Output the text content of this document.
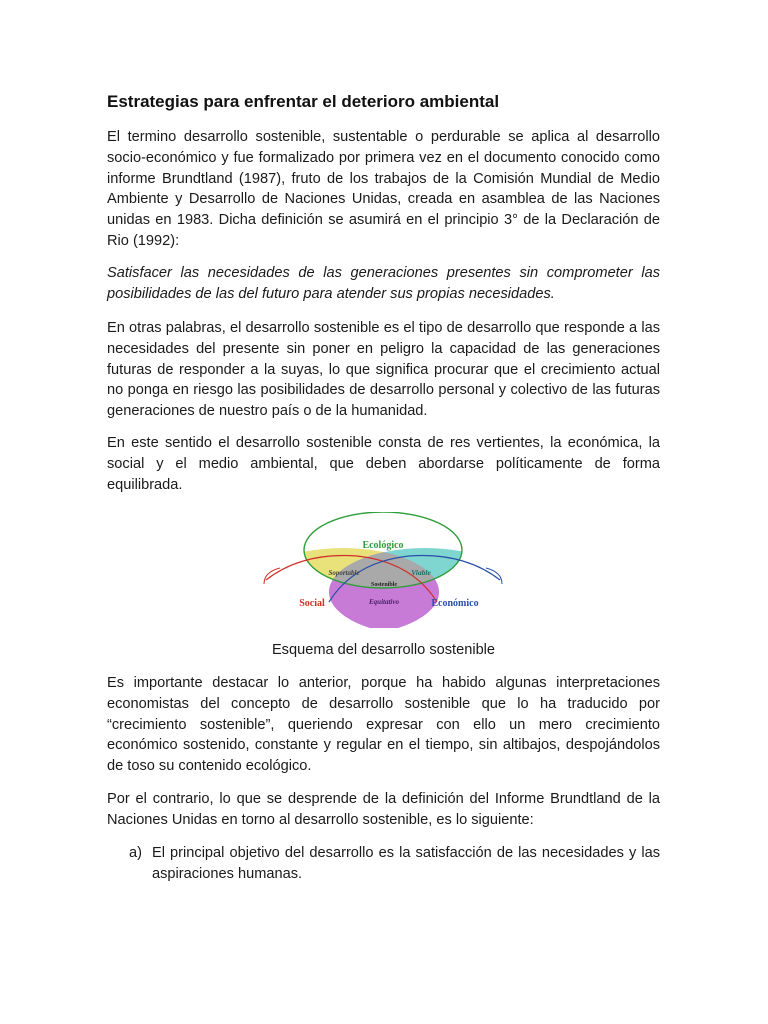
Estrategias para enfrentar el deterioro ambiental

El termino desarrollo sostenible, sustentable o perdurable se aplica al desarrollo socio-económico y fue formalizado por primera vez en el documento conocido como informe Brundtland (1987), fruto de los trabajos de la Comisión Mundial de Medio Ambiente y Desarrollo de Naciones Unidas, creada en asamblea de las Naciones unidas en 1983. Dicha definición se asumirá en el principio 3° de la Declaración de Rio (1992):

Satisfacer las necesidades de las generaciones presentes sin comprometer las posibilidades de las del futuro para atender sus propias necesidades.

En otras palabras, el desarrollo sostenible es el tipo de desarrollo que responde a las necesidades del presente sin poner en peligro la capacidad de las generaciones futuras de responder a la suyas, lo que significa procurar que el crecimiento actual no ponga en riesgo las posibilidades de desarrollo personal y colectivo de las futuras generaciones de nuestro país o de la humanidad.

En este sentido el desarrollo sostenible consta de res vertientes, la económica, la social y el medio ambiental, que deben abordarse políticamente de forma equilibrada.

Ecológico
Social	Económico
Soportable	Viable
Equitativo
Sostenible
Esquema del desarrollo sostenible

Es importante destacar lo anterior, porque ha habido algunas interpretaciones economistas del concepto de desarrollo sostenible que lo ha traducido por “crecimiento sostenible”, queriendo expresar con ello un mero crecimiento económico sostenido, constante y regular en el tiempo, sin altibajos, despojándolos de toso su contenido ecológico.

Por el contrario, lo que se desprende de la definición del Informe Brundtland de la Naciones Unidas en torno al desarrollo sostenible, es lo siguiente:

a) El principal objetivo del desarrollo es la satisfacción de las necesidades y las aspiraciones humanas.
